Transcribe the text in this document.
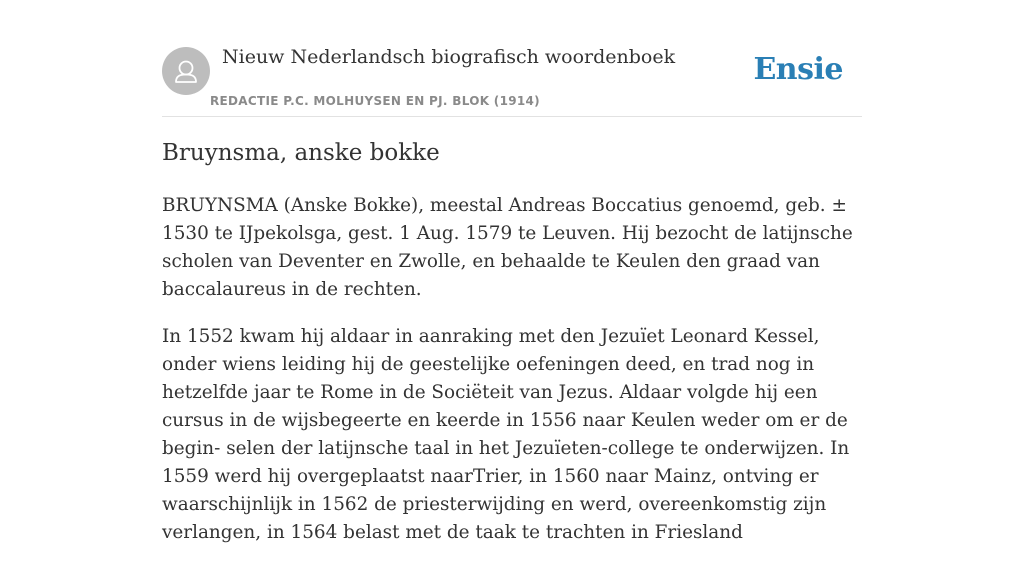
Nieuw Nederlandsch biografisch woordenboek
REDACTIE P.C. MOLHUYSEN EN PJ. BLOK (1914)
Ensie
Bruynsma, anske bokke

BRUYNSMA (Anske Bokke), meestal Andreas Boccatius genoemd, geb. ± 1530 te IJpekolsga, gest. 1 Aug. 1579 te Leuven. Hij bezocht de latijnsche scholen van Deventer en Zwolle, en behaalde te Keulen den graad van baccalaureus in de rechten.

In 1552 kwam hij aldaar in aanraking met den Jezuïet Leonard Kessel, onder wiens leiding hij de geestelijke oefeningen deed, en trad nog in hetzelfde jaar te Rome in de Sociëteit van Jezus. Aldaar volgde hij een cursus in de wijsbegeerte en keerde in 1556 naar Keulen weder om er de begin- selen der latijnsche taal in het Jezuïeten-college te onderwijzen. In 1559 werd hij overgeplaatst naarTrier, in 1560 naar Mainz, ontving er waarschijnlijk in 1562 de priesterwijding en werd, overeenkomstig zijn verlangen, in 1564 belast met de taak te trachten in Friesland
